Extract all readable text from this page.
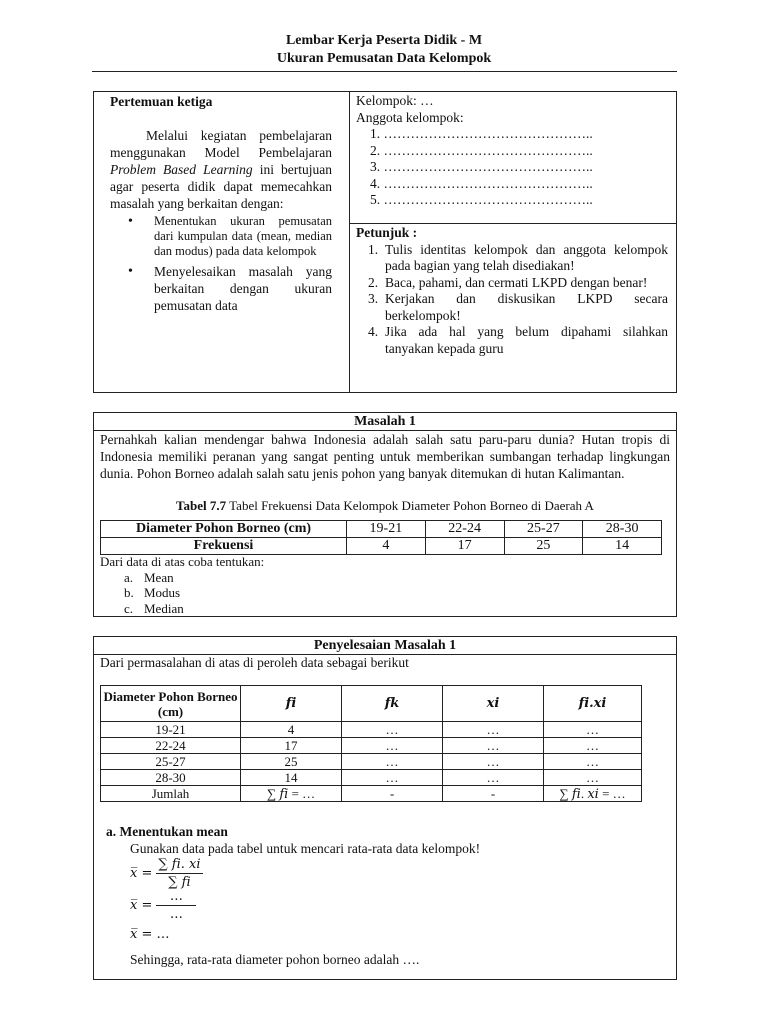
Lembar Kerja Peserta Didik - M
Ukuran Pemusatan Data Kelompok
Pertemuan ketiga
Melalui kegiatan pembelajaran menggunakan Model Pembelajaran Problem Based Learning ini bertujuan agar peserta didik dapat memecahkan masalah yang berkaitan dengan:
• Menentukan ukuran pemusatan dari kumpulan data (mean, median dan modus) pada data kelompok
• Menyelesaikan masalah yang berkaitan dengan ukuran pemusatan data
Kelompok: …
Anggota kelompok:
1. ………………………………………..
2. ………………………………………..
3. ………………………………………..
4. ………………………………………..
5. ………………………………………..
Petunjuk :
1. Tulis identitas kelompok dan anggota kelompok pada bagian yang telah disediakan!
2. Baca, pahami, dan cermati LKPD dengan benar!
3. Kerjakan dan diskusikan LKPD secara berkelompok!
4. Jika ada hal yang belum dipahami silahkan tanyakan kepada guru
Masalah 1
Pernahkah kalian mendengar bahwa Indonesia adalah salah satu paru-paru dunia? Hutan tropis di Indonesia memiliki peranan yang sangat penting untuk memberikan sumbangan terhadap lingkungan dunia. Pohon Borneo adalah salah satu jenis pohon yang banyak ditemukan di hutan Kalimantan.
Tabel 7.7 Tabel Frekuensi Data Kelompok Diameter Pohon Borneo di Daerah A
Diameter Pohon Borneo (cm)	19-21	22-24	25-27	28-30
Frekuensi	4	17	25	14
Dari data di atas coba tentukan:
a. Mean
b. Modus
c. Median
Penyelesaian Masalah 1
Dari permasalahan di atas di peroleh data sebagai berikut
Diameter Pohon Borneo (cm)	𝒇𝒊	𝒇𝒌	𝒙𝒊	𝒇𝒊.𝒙𝒊
19-21	4	…	…	…
22-24	17	…	…	…
25-27	25	…	…	…
28-30	14	…	…	…
Jumlah	∑ 𝑓𝑖 = …	-	-	∑ 𝑓𝑖. 𝑥𝑖 = …
a. Menentukan mean
Gunakan data pada tabel untuk mencari rata-rata data kelompok!
𝑥̅ = $\frac{\text{∑ 𝑓𝑖. 𝑥𝑖}}{\text{∑ 𝑓𝑖}}$
𝑥̅ = $\frac{\dots}{\dots}$
𝑥̅ = …
Sehingga, rata-rata diameter pohon borneo adalah ….
